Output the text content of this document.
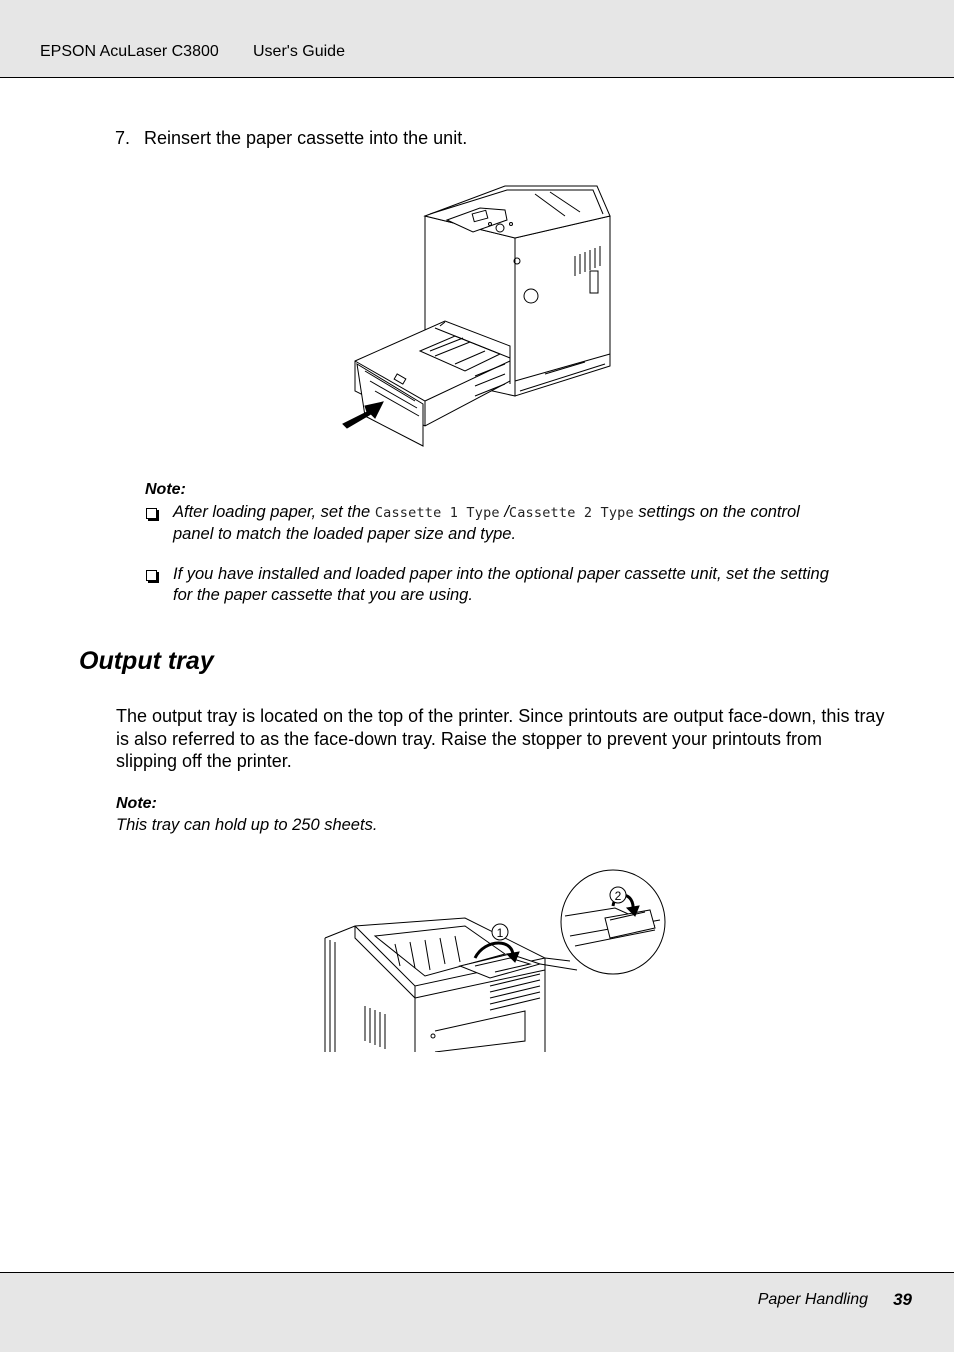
EPSON AcuLaser C3800 User's Guide
7. Reinsert the paper cassette into the unit.
Note:
After loading paper, set the Cassette 1 Type /Cassette 2 Type settings on the control
panel to match the loaded paper size and type.
If you have installed and loaded paper into the optional paper cassette unit, set the setting
for the paper cassette that you are using.
Output tray
The output tray is located on the top of the printer. Since printouts are output face-down, this tray is also referred to as the face-down tray. Raise the stopper to prevent your printouts from slipping off the printer.
Note:
This tray can hold up to 250 sheets.
1
2
Paper Handling 39
